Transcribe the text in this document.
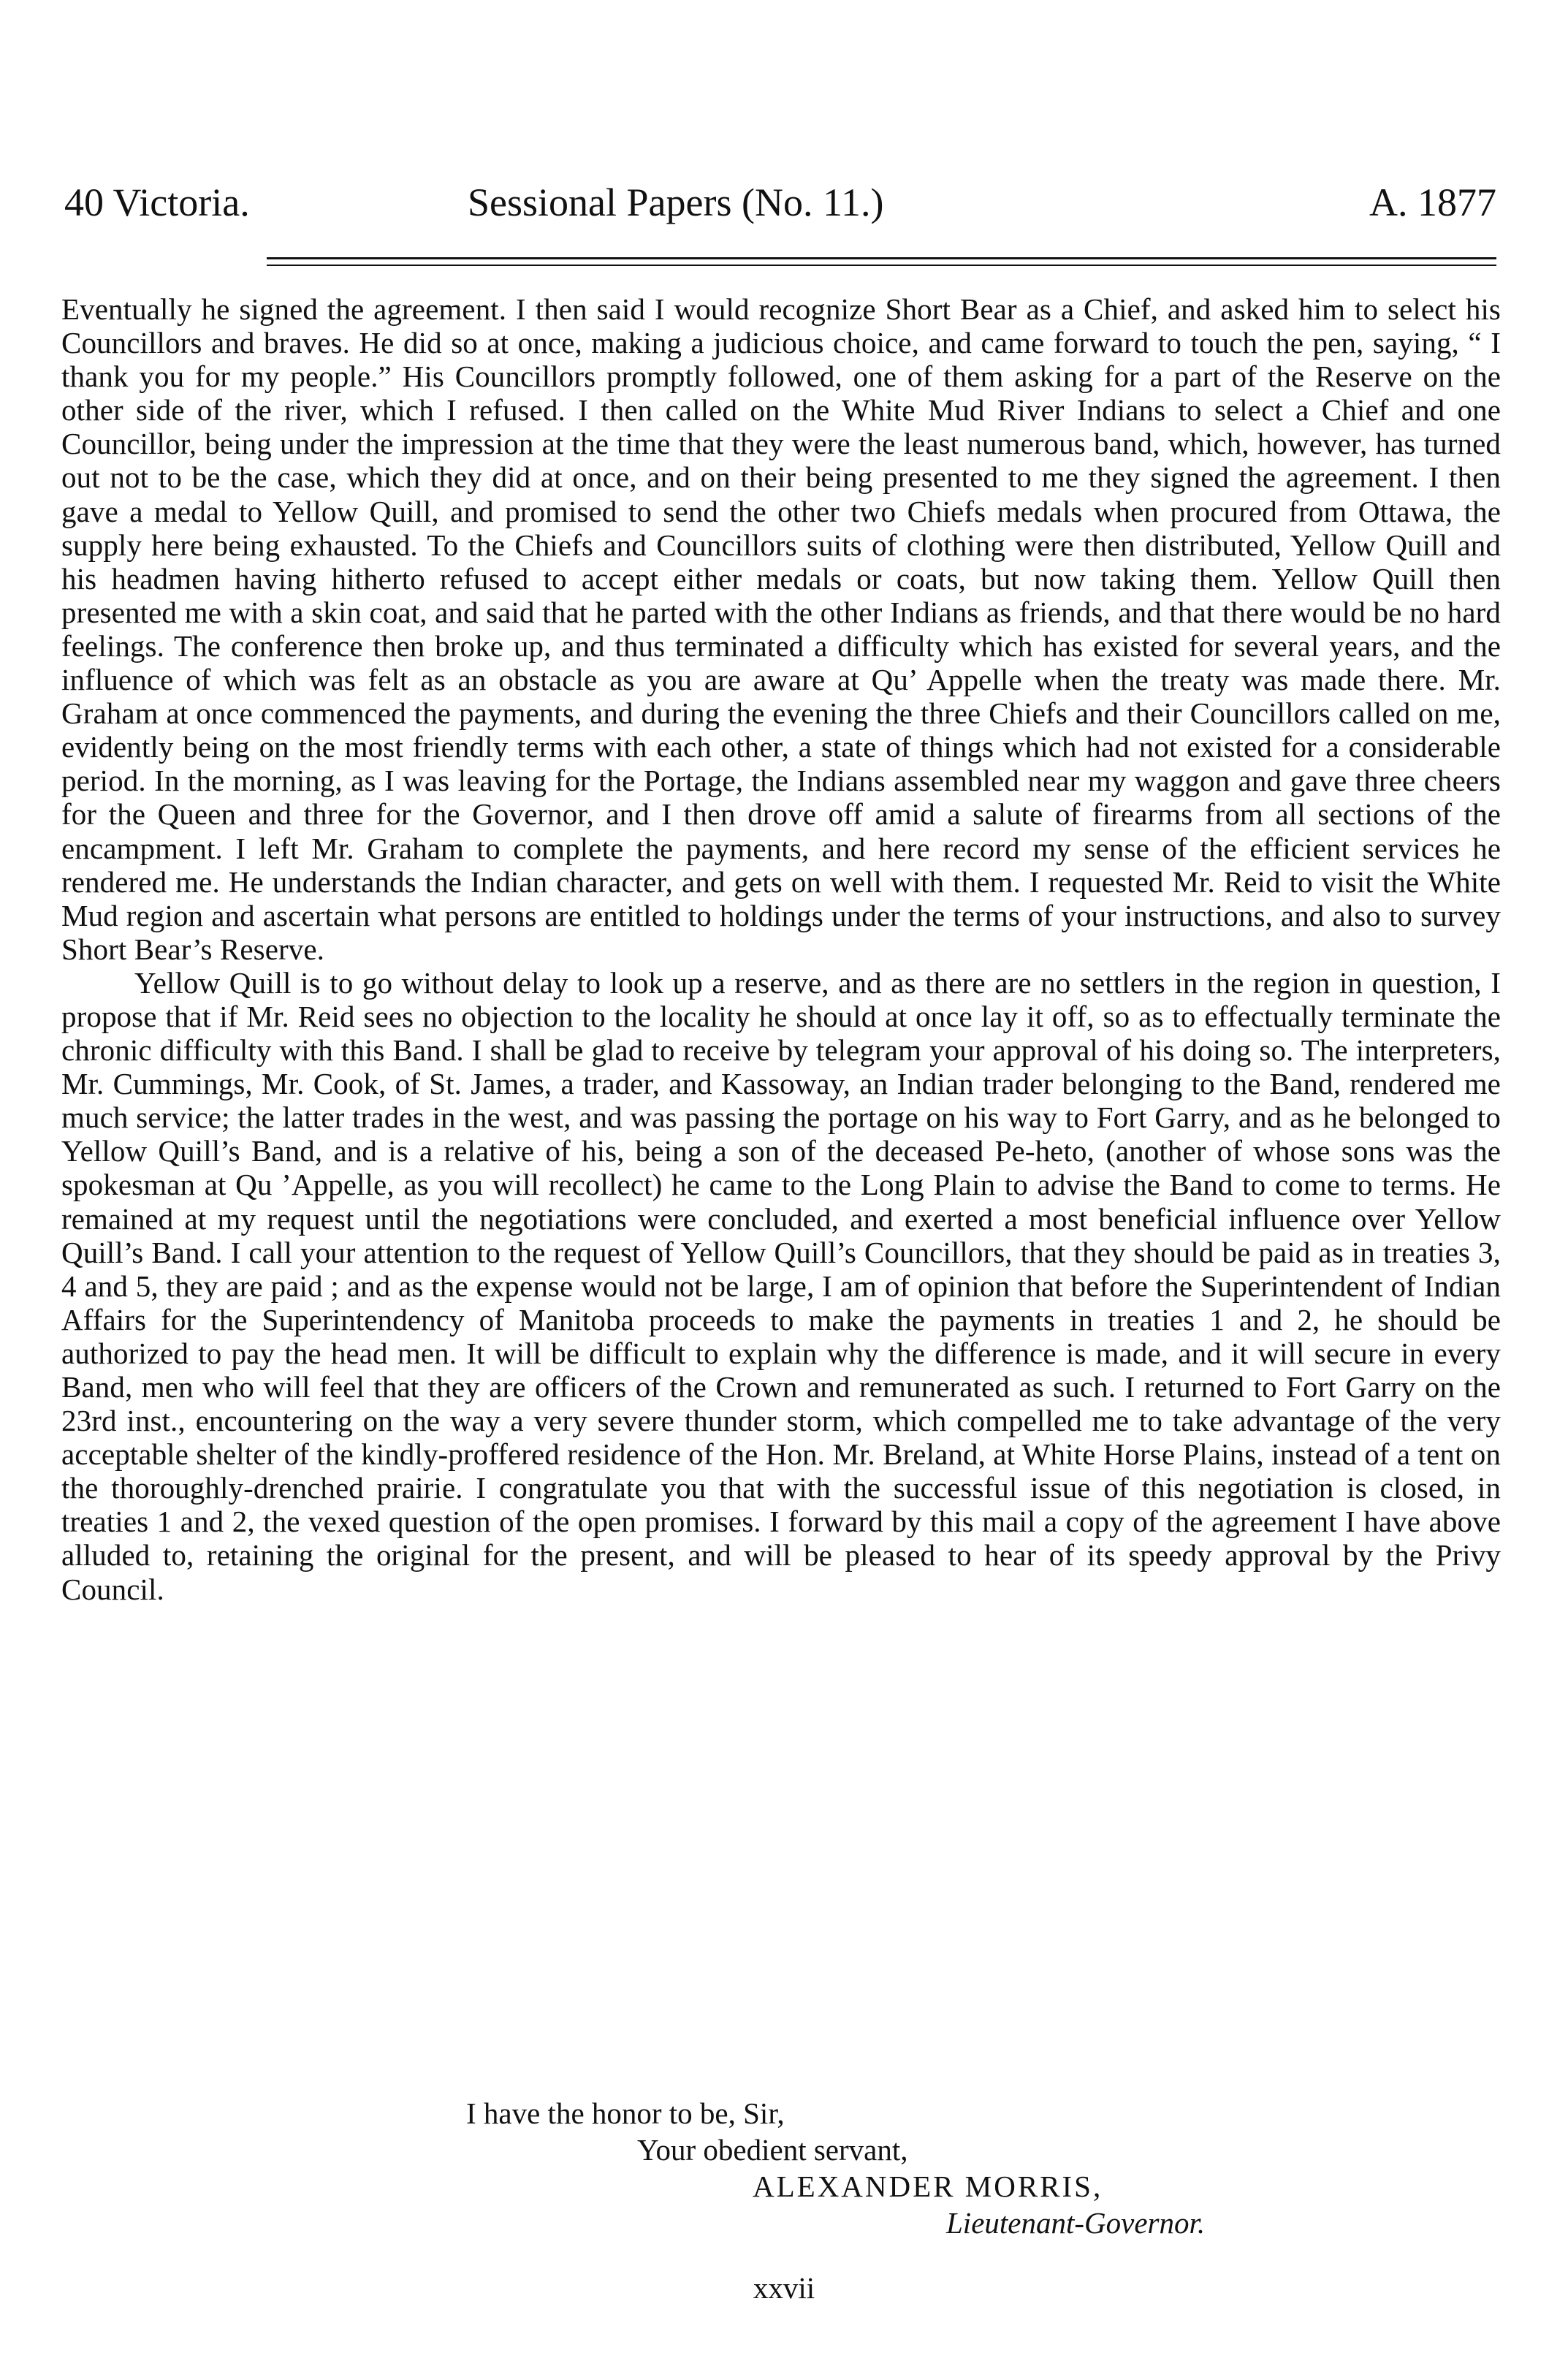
40 Victoria.	Sessional Papers (No. 11.)	A. 1877

Eventually he signed the agreement. I then said I would recognize Short Bear as a Chief, and asked him to select his Councillors and braves. He did so at once, making a judicious choice, and came forward to touch the pen, saying, “ I thank you for my people.” His Councillors promptly followed, one of them asking for a part of the Reserve on the other side of the river, which I refused. I then called on the White Mud River Indians to select a Chief and one Councillor, being under the impression at the time that they were the least numerous band, which, however, has turned out not to be the case, which they did at once, and on their being presented to me they signed the agreement. I then gave a medal to Yellow Quill, and promised to send the other two Chiefs medals when procured from Ottawa, the supply here being exhausted. To the Chiefs and Councillors suits of clothing were then distributed, Yellow Quill and his headmen having hitherto refused to accept either medals or coats, but now taking them. Yellow Quill then presented me with a skin coat, and said that he parted with the other Indians as friends, and that there would be no hard feelings. The conference then broke up, and thus terminated a difficulty which has existed for several years, and the influence of which was felt as an obstacle as you are aware at Qu’ Appelle when the treaty was made there. Mr. Graham at once commenced the payments, and during the evening the three Chiefs and their Councillors called on me, evidently being on the most friendly terms with each other, a state of things which had not existed for a considerable period. In the morning, as I was leaving for the Portage, the Indians assembled near my waggon and gave three cheers for the Queen and three for the Governor, and I then drove off amid a salute of firearms from all sections of the encampment. I left Mr. Graham to complete the payments, and here record my sense of the efficient services he rendered me. He understands the Indian character, and gets on well with them. I requested Mr. Reid to visit the White Mud region and ascertain what persons are entitled to holdings under the terms of your instructions, and also to survey Short Bear’s Reserve.

Yellow Quill is to go without delay to look up a reserve, and as there are no settlers in the region in question, I propose that if Mr. Reid sees no objection to the locality he should at once lay it off, so as to effectually terminate the chronic difficulty with this Band. I shall be glad to receive by telegram your approval of his doing so. The interpreters, Mr. Cummings, Mr. Cook, of St. James, a trader, and Kassoway, an Indian trader belonging to the Band, rendered me much service; the latter trades in the west, and was passing the portage on his way to Fort Garry, and as he belonged to Yellow Quill’s Band, and is a relative of his, being a son of the deceased Pe-heto, (another of whose sons was the spokesman at Qu ’Appelle, as you will recollect) he came to the Long Plain to advise the Band to come to terms. He remained at my request until the negotiations were concluded, and exerted a most beneficial influence over Yellow Quill’s Band. I call your attention to the request of Yellow Quill’s Councillors, that they should be paid as in treaties 3, 4 and 5, they are paid ; and as the expense would not be large, I am of opinion that before the Superintendent of Indian Affairs for the Superintendency of Manitoba proceeds to make the payments in treaties 1 and 2, he should be authorized to pay the head men. It will be difficult to explain why the difference is made, and it will secure in every Band, men who will feel that they are officers of the Crown and remunerated as such. I returned to Fort Garry on the 23rd inst., encountering on the way a very severe thunder storm, which compelled me to take advantage of the very acceptable shelter of the kindly-proffered residence of the Hon. Mr. Breland, at White Horse Plains, instead of a tent on the thoroughly-drenched prairie. I congratulate you that with the successful issue of this negotiation is closed, in treaties 1 and 2, the vexed question of the open promises. I forward by this mail a copy of the agreement I have above alluded to, retaining the original for the present, and will be pleased to hear of its speedy approval by the Privy Council.

I have the honor to be, Sir,
Your obedient servant,
ALEXANDER MORRIS,
Lieutenant-Governor.
xxvii
